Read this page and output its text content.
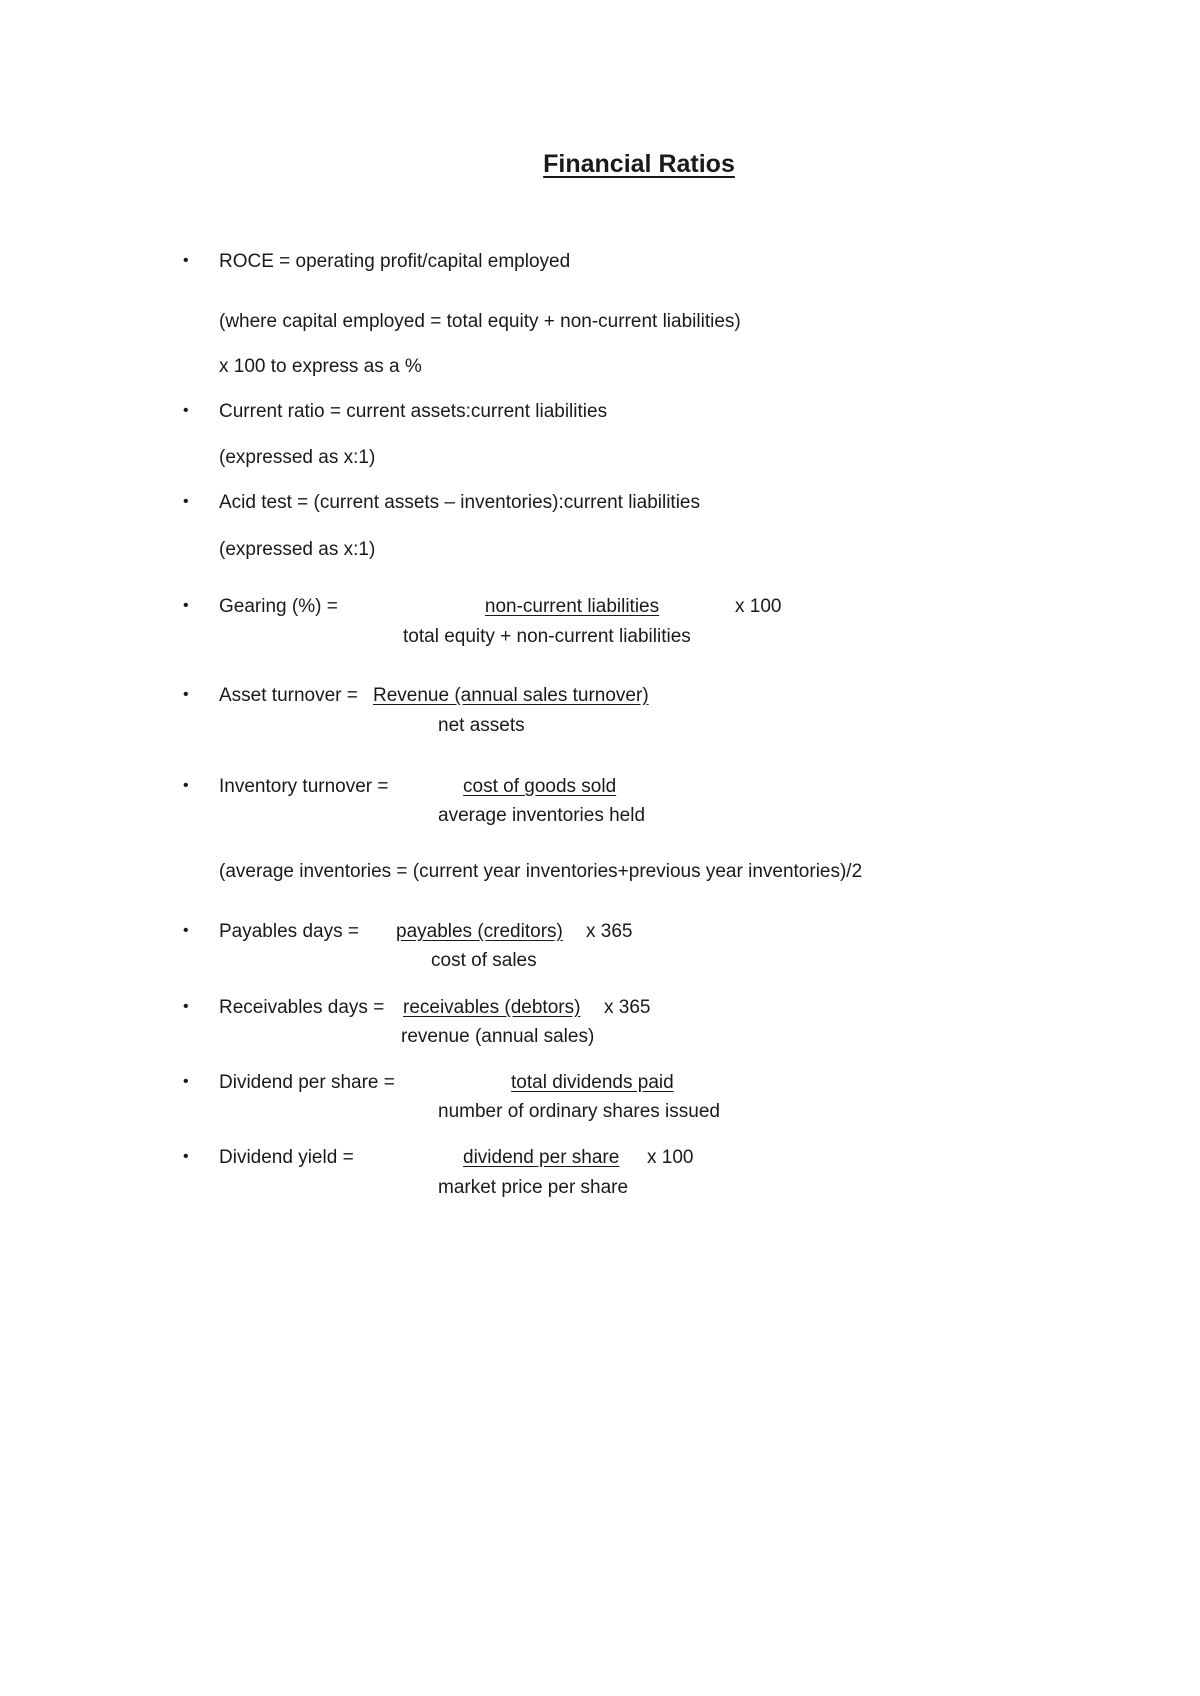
Financial Ratios
• ROCE = operating profit/capital employed
(where capital employed = total equity + non-current liabilities)
x 100 to express as a %
• Current ratio = current assets:current liabilities
(expressed as x:1)
• Acid test = (current assets – inventories):current liabilities
(expressed as x:1)
• Gearing (%) =	non-current liabilities	x 100
total equity + non-current liabilities
• Asset turnover = Revenue (annual sales turnover)
net assets
• Inventory turnover =	cost of goods sold
average inventories held
(average inventories = (current year inventories+previous year inventories)/2
• Payables days = payables (creditors) x 365
cost of sales
• Receivables days = receivables (debtors) x 365
revenue (annual sales)
• Dividend per share =	total dividends paid
number of ordinary shares issued
• Dividend yield =	dividend per share x 100
market price per share
